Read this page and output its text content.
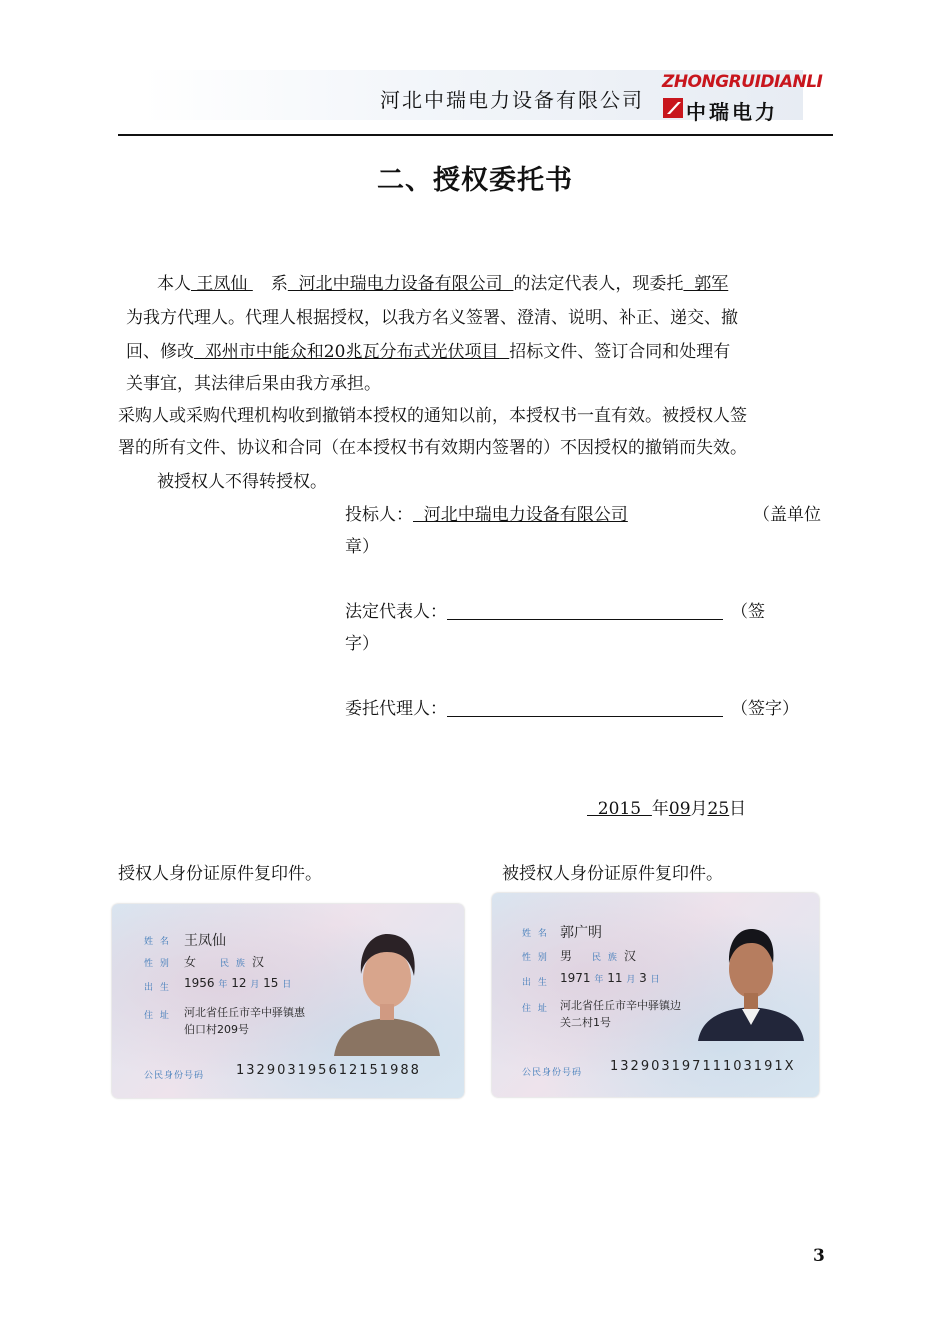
河北中瑞电力设备有限公司
ZHONGRUIDIANLI
中瑞电力
二、授权委托书
本人 王凤仙 系  河北中瑞电力设备有限公司  的法定代表人，现委托  郭军
为我方代理人。代理人根据授权，以我方名义签署、澄清、说明、补正、递交、撤
回、修改  邓州市中能众和20兆瓦分布式光伏项目  招标文件、签订合同和处理有
关事宜，其法律后果由我方承担。
采购人或采购代理机构收到撤销本授权的通知以前，本授权书一直有效。被授权人签
署的所有文件、协议和合同（在本授权书有效期内签署的）不因授权的撤销而失效。
被授权人不得转授权。
投标人：  河北中瑞电力设备有限公司	（盖单位
章）
法定代表人：	（签
字）
委托代理人：	（签字）
2015  年09月25日
授权人身份证原件复印件。	被授权人身份证原件复印件。
姓 名 王凤仙
性 别 女	民 族 汉
出 生 1956 年 12 月 15 日
住 址 河北省任丘市辛中驿镇惠
伯口村209号
公民身份号码 132903195612151988
姓 名 郭广明
性 别 男 民 族 汉
出 生 1971 年 11 月 3 日
住 址 河北省任丘市辛中驿镇边
关二村1号
公民身份号码 13290319711103191X
3
